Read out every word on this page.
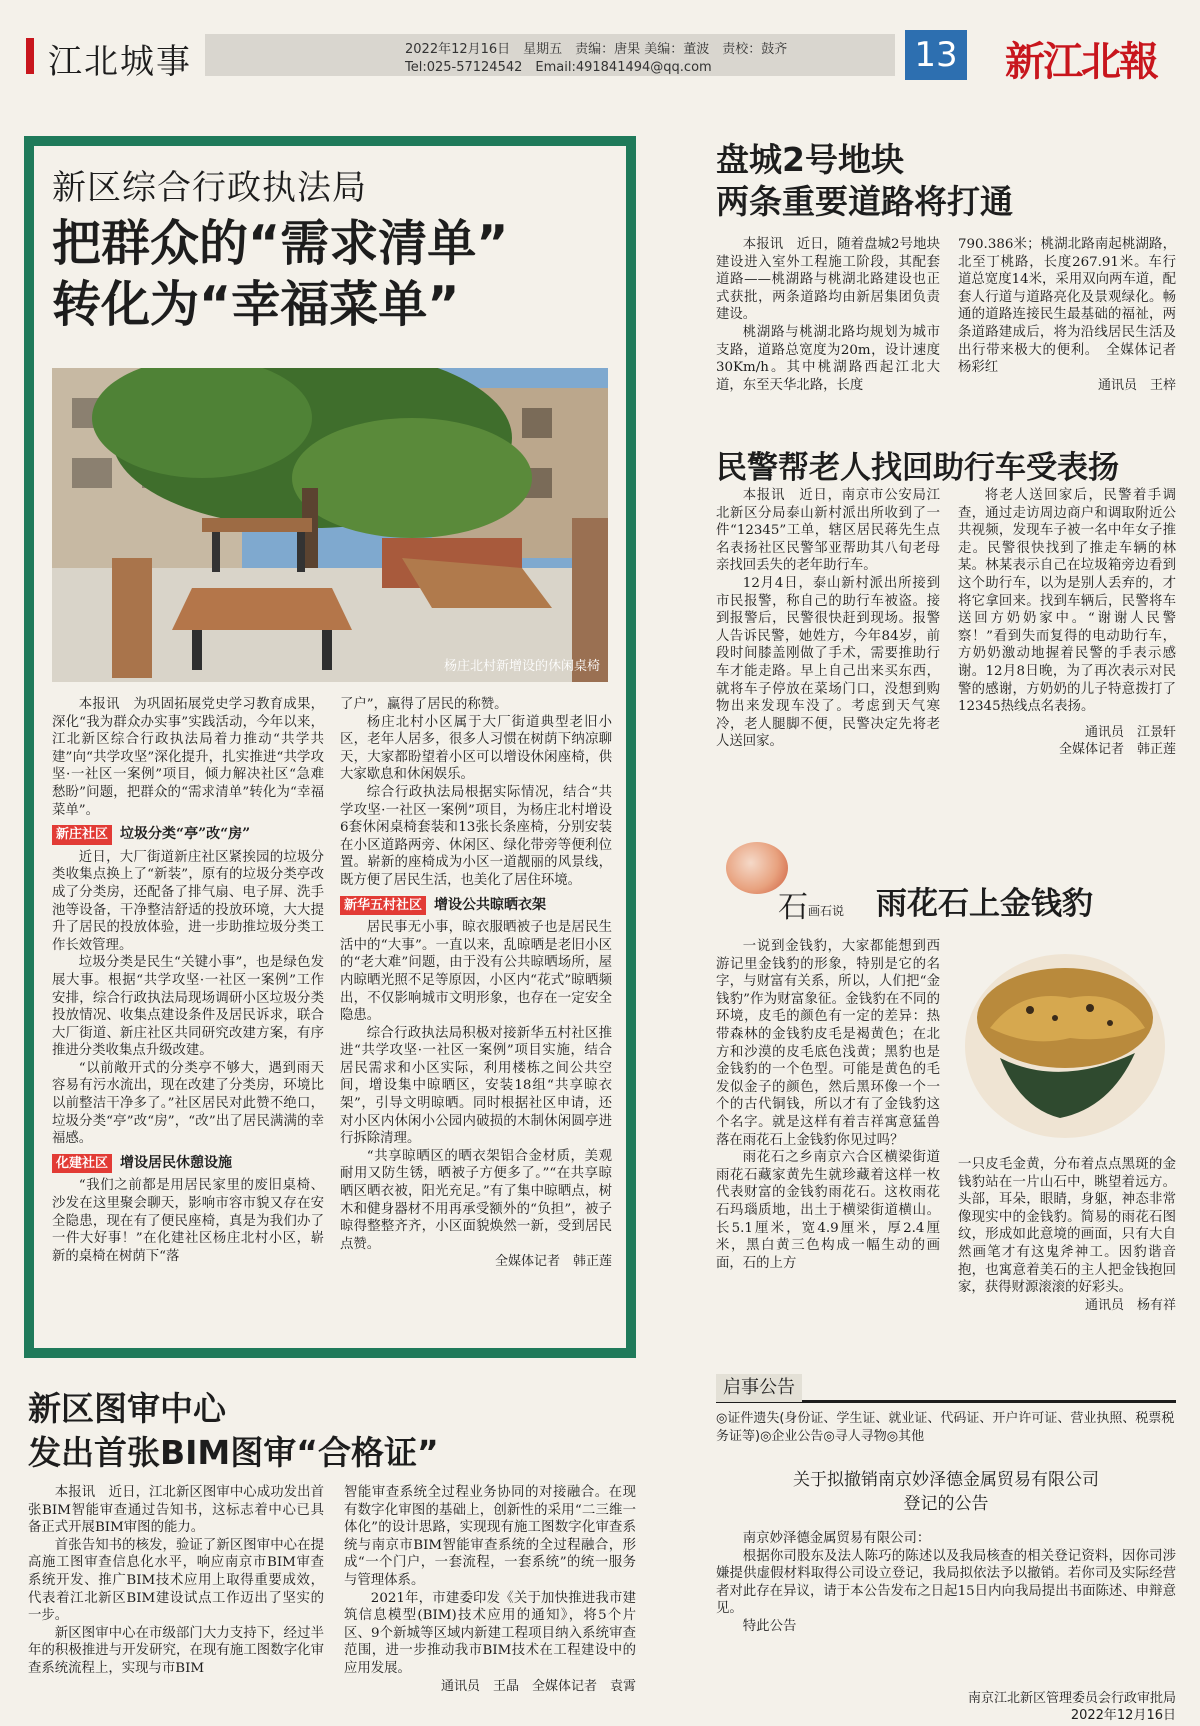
江北城事	2022年12月16日　星期五　责编：唐果 美编：董波　责校：鼓齐
Tel:025-57124542　Email:491841494@qq.com	13 新江北報
新区综合行政执法局
把群众的“需求清单”
转化为“幸福菜单”
杨庄北村新增设的休闲桌椅

本报讯　为巩固拓展党史学习教育成果，深化“我为群众办实事”实践活动，今年以来，江北新区综合行政执法局着力推动“共学共建”向“共学攻坚”深化提升，扎实推进“共学攻坚·一社区一案例”项目，倾力解决社区“急难愁盼”问题，把群众的“需求清单”转化为“幸福菜单”。

新庄社区 垃圾分类“亭”改“房”

近日，大厂街道新庄社区紧挨园的垃圾分类收集点换上了“新装”，原有的垃圾分类亭改成了分类房，还配备了排气扇、电子屏、洗手池等设备，干净整洁舒适的投放环境，大大提升了居民的投放体验，进一步助推垃圾分类工作长效管理。

垃圾分类是民生“关键小事”，也是绿色发展大事。根据“共学攻坚·一社区一案例”工作安排，综合行政执法局现场调研小区垃圾分类投放情况、收集点建设条件及居民诉求，联合大厂街道、新庄社区共同研究改建方案，有序推进分类收集点升级改建。

“以前敞开式的分类亭不够大，遇到雨天容易有污水流出，现在改建了分类房，环境比以前整洁干净多了。”社区居民对此赞不绝口，垃圾分类“亭”改“房”，“改”出了居民满满的幸福感。

化建社区 增设居民休憩设施

“我们之前都是用居民家里的废旧桌椅、沙发在这里聚会聊天，影响市容市貌又存在安全隐患，现在有了便民座椅，真是为我们办了一件大好事！”在化建社区杨庄北村小区，崭新的桌椅在树荫下“落

了户”，赢得了居民的称赞。

杨庄北村小区属于大厂街道典型老旧小区，老年人居多，很多人习惯在树荫下纳凉聊天，大家都盼望着小区可以增设休闲座椅，供大家歇息和休闲娱乐。

综合行政执法局根据实际情况，结合“共学攻坚·一社区一案例”项目，为杨庄北村增设6套休闲桌椅套装和13张长条座椅，分别安装在小区道路两旁、休闲区、绿化带旁等便利位置。崭新的座椅成为小区一道靓丽的风景线，既方便了居民生活，也美化了居住环境。

新华五村社区 增设公共晾晒衣架

居民事无小事，晾衣服晒被子也是居民生活中的“大事”。一直以来，乱晾晒是老旧小区的“老大难”问题，由于没有公共晾晒场所，屋内晾晒光照不足等原因，小区内“花式”晾晒频出，不仅影响城市文明形象，也存在一定安全隐患。

综合行政执法局积极对接新华五村社区推进“共学攻坚·一社区一案例”项目实施，结合居民需求和小区实际，利用楼栋之间公共空间，增设集中晾晒区，安装18组“共享晾衣架”，引导文明晾晒。同时根据社区申请，还对小区内休闲小公园内破损的木制休闲圆亭进行拆除清理。

“共享晾晒区的晒衣架铝合金材质，美观耐用又防生锈，晒被子方便多了。”“在共享晾晒区晒衣被，阳光充足。”有了集中晾晒点，树木和健身器材不用再承受额外的“负担”，被子晾得整整齐齐，小区面貌焕然一新，受到居民点赞。

全媒体记者　韩正莲
盘城2号地块
两条重要道路将打通

本报讯　近日，随着盘城2号地块建设进入室外工程施工阶段，其配套道路——桃湖路与桃湖北路建设也正式获批，两条道路均由新居集团负责建设。

桃湖路与桃湖北路均规划为城市支路，道路总宽度为20m，设计速度30Km/h。其中桃湖路西起江北大道，东至天华北路，长度

790.386米；桃湖北路南起桃湖路，北至丁桃路，长度267.91米。车行道总宽度14米，采用双向两车道，配套人行道与道路亮化及景观绿化。畅通的道路连接民生最基础的福祉，两条道路建成后，将为沿线居民生活及出行带来极大的便利。　全媒体记者　杨彩红

通讯员　王梓
民警帮老人找回助行车受表扬

本报讯　近日，南京市公安局江北新区分局泰山新村派出所收到了一件“12345”工单，辖区居民蒋先生点名表扬社区民警邹亚帮助其八旬老母亲找回丢失的老年助行车。

12月4日，泰山新村派出所接到市民报警，称自己的助行车被盗。接到报警后，民警很快赶到现场。报警人告诉民警，她姓方，今年84岁，前段时间膝盖刚做了手术，需要推助行车才能走路。早上自己出来买东西，就将车子停放在菜场门口，没想到购物出来发现车没了。考虑到天气寒冷，老人腿脚不便，民警决定先将老人送回家。

将老人送回家后，民警着手调查，通过走访周边商户和调取附近公共视频，发现车子被一名中年女子推走。民警很快找到了推走车辆的林某。林某表示自己在垃圾箱旁边看到这个助行车，以为是别人丢弃的，才将它拿回来。找到车辆后，民警将车送回方奶奶家中。“谢谢人民警察！”看到失而复得的电动助行车，方奶奶激动地握着民警的手表示感谢。12月8日晚，为了再次表示对民警的感谢，方奶奶的儿子特意拨打了12345热线点名表扬。

通讯员　江景轩
全媒体记者　韩正莲
石 画石说 雨花石上金钱豹

一说到金钱豹，大家都能想到西游记里金钱豹的形象，特别是它的名字，与财富有关系，所以，人们把“金钱豹”作为财富象征。金钱豹在不同的环境，皮毛的颜色有一定的差异：热带森林的金钱豹皮毛是褐黄色；在北方和沙漠的皮毛底色浅黄；黑豹也是金钱豹的一个色型。可能是黄色的毛发似金子的颜色，然后黑环像一个一个的古代铜钱，所以才有了金钱豹这个名字。就是这样有着吉祥寓意猛兽落在雨花石上金钱豹你见过吗？

雨花石之乡南京六合区横梁街道雨花石藏家黄先生就珍藏着这样一枚代表财富的金钱豹雨花石。这枚雨花石玛瑙质地，出土于横梁街道横山。长5.1厘米，宽4.9厘米，厚2.4厘米，黑白黄三色构成一幅生动的画面，石的上方

一只皮毛金黄，分布着点点黑斑的金钱豹站在一片山石中，眺望着远方。头部，耳朵，眼睛，身躯，神态非常像现实中的金钱豹。简易的雨花石图纹，形成如此意境的画面，只有大自然画笔才有这鬼斧神工。因豹谐音抱，也寓意着美石的主人把金钱抱回家，获得财源滚滚的好彩头。

通讯员　杨有祥
新区图审中心
发出首张BIM图审“合格证”

本报讯　近日，江北新区图审中心成功发出首张BIM智能审查通过告知书，这标志着中心已具备正式开展BIM审图的能力。

首张告知书的核发，验证了新区图审中心在提高施工图审查信息化水平，响应南京市BIM审查系统开发、推广BIM技术应用上取得重要成效，代表着江北新区BIM建设试点工作迈出了坚实的一步。

新区图审中心在市级部门大力支持下，经过半年的积极推进与开发研究，在现有施工图数字化审查系统流程上，实现与市BIM

智能审查系统全过程业务协同的对接融合。在现有数字化审图的基础上，创新性的采用“二三维一体化”的设计思路，实现现有施工图数字化审查系统与南京市BIM智能审查系统的全过程融合，形成“一个门户，一套流程，一套系统”的统一服务与管理体系。

2021年，市建委印发《关于加快推进我市建筑信息模型(BIM)技术应用的通知》，将5个片区、9个新城等区域内新建工程项目纳入系统审查范围，进一步推动我市BIM技术在工程建设中的应用发展。

通讯员　王晶　全媒体记者　袁霄
启事公告
◎证件遗失(身份证、学生证、就业证、代码证、开户许可证、营业执照、税票税务证等)◎企业公告◎寻人寻物◎其他
关于拟撤销南京妙泽德金属贸易有限公司
登记的公告

南京妙泽德金属贸易有限公司：

根据你司股东及法人陈巧的陈述以及我局核查的相关登记资料，因你司涉嫌提供虚假材料取得公司设立登记，我局拟依法予以撤销。若你司及实际经营者对此存在异议，请于本公告发布之日起15日内向我局提出书面陈述、申辩意见。

特此公告

南京江北新区管理委员会行政审批局
2022年12月16日
